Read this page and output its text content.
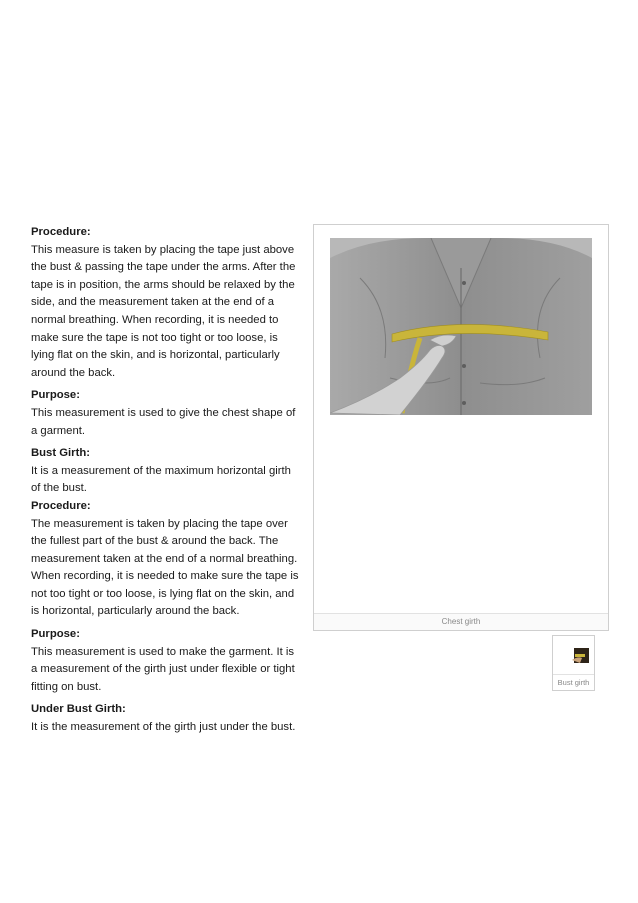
Procedure:

This measure is taken by placing the tape just above

the bust & passing the tape under the arms. After the

tape is in position, the arms should be relaxed by the

side, and the measurement taken at the end of a

normal breathing. When recording, it is needed to

make sure the tape is not too tight or too loose, is

lying flat on the skin, and is horizontal, particularly

around the back.

Purpose:

This measurement is used to give the chest shape of

a garment.

Bust Girth:

It is a measurement of the maximum horizontal girth

of the bust.

Procedure:

The measurement is taken by placing the tape over

the fullest part of the bust & around the back. The

measurement taken at the end of a normal breathing.

When recording, it is needed to make sure the tape is

not too tight or too loose, is lying flat on the skin, and

is horizontal, particularly around the back.

Purpose:

This measurement is used to make the garment. It is

a measurement of the girth just under flexible or tight

fitting on bust.

Under Bust Girth:

It is the measurement of the girth just under the bust.

Chest girth
Bust girth
